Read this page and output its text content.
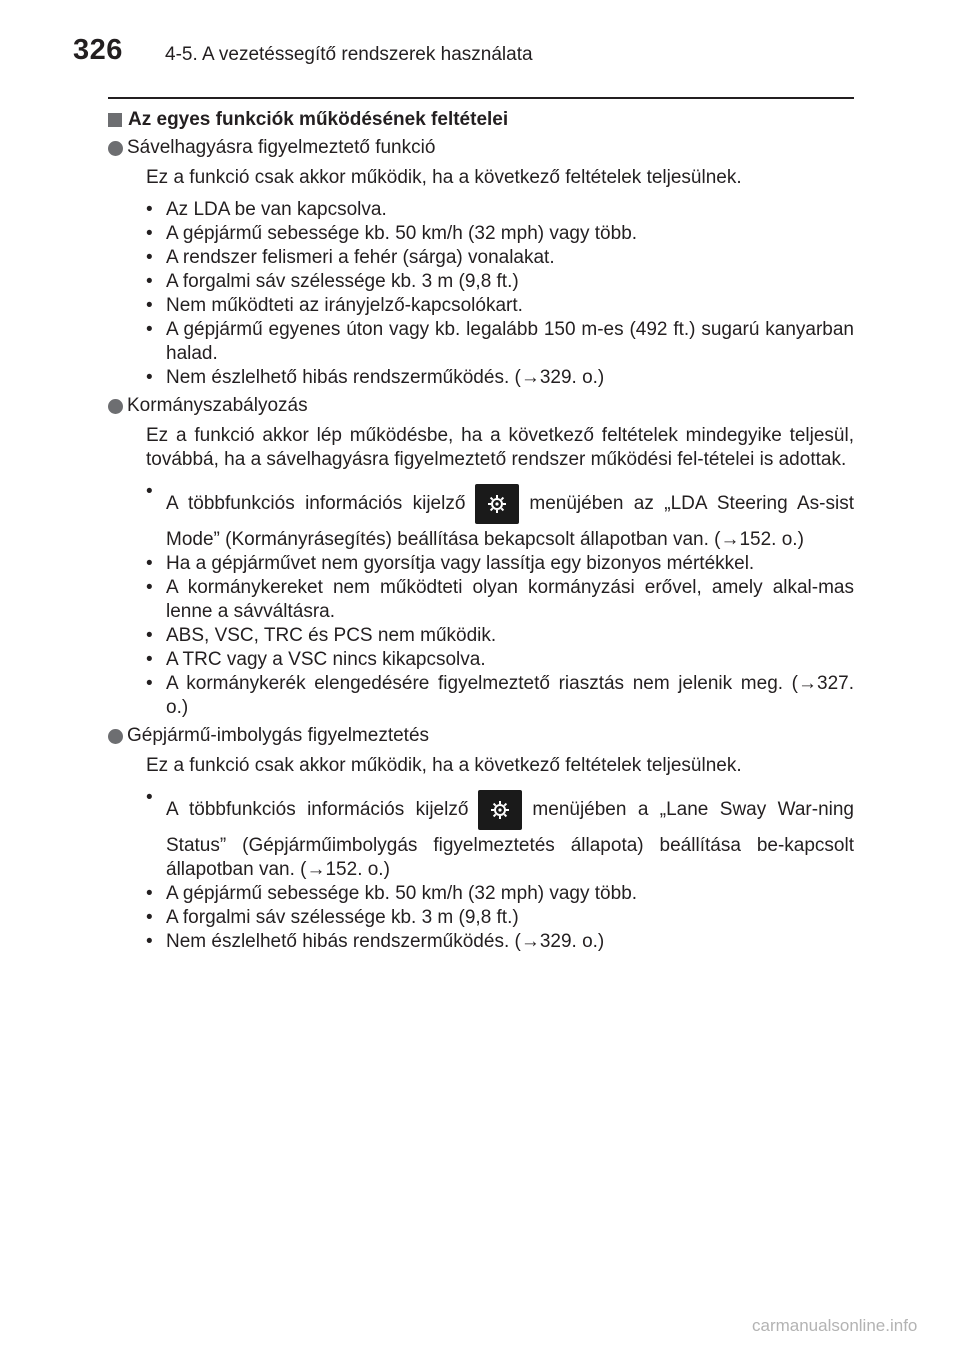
326 4-5. A vezetéssegítő rendszerek használata
Az egyes funkciók működésének feltételei
Sávelhagyásra figyelmeztető funkció
Ez a funkció csak akkor működik, ha a következő feltételek teljesülnek.
• Az LDA be van kapcsolva.
• A gépjármű sebessége kb. 50 km/h (32 mph) vagy több.
• A rendszer felismeri a fehér (sárga) vonalakat.
• A forgalmi sáv szélessége kb. 3 m (9,8 ft.)
• Nem működteti az irányjelző-kapcsolókart.
• A gépjármű egyenes úton vagy kb. legalább 150 m-es (492 ft.) sugarú kanyarban halad.
• Nem észlelhető hibás rendszerműködés. (→329. o.)
Kormányszabályozás
Ez a funkció akkor lép működésbe, ha a következő feltételek mindegyike teljesül, továbbá, ha a sávelhagyásra figyelmeztető rendszer működési fel-tételei is adottak.
• A többfunkciós információs kijelző	menüjében az „LDA Steering As-sist Mode” (Kormányrásegítés) beállítása bekapcsolt állapotban van. (→152. o.)
• Ha a gépjárművet nem gyorsítja vagy lassítja egy bizonyos mértékkel.
• A kormánykereket nem működteti olyan kormányzási erővel, amely alkal-mas lenne a sávváltásra.
• ABS, VSC, TRC és PCS nem működik.
• A TRC vagy a VSC nincs kikapcsolva.
• A kormánykerék elengedésére figyelmeztető riasztás nem jelenik meg. (→327. o.)
Gépjármű-imbolygás figyelmeztetés
Ez a funkció csak akkor működik, ha a következő feltételek teljesülnek.
• A többfunkciós információs kijelző	menüjében a „Lane Sway War-ning Status” (Gépjárműimbolygás figyelmeztetés állapota) beállítása be-kapcsolt állapotban van. (→152. o.)
• A gépjármű sebessége kb. 50 km/h (32 mph) vagy több.
• A forgalmi sáv szélessége kb. 3 m (9,8 ft.)
• Nem észlelhető hibás rendszerműködés. (→329. o.)
carmanualsonline.info
